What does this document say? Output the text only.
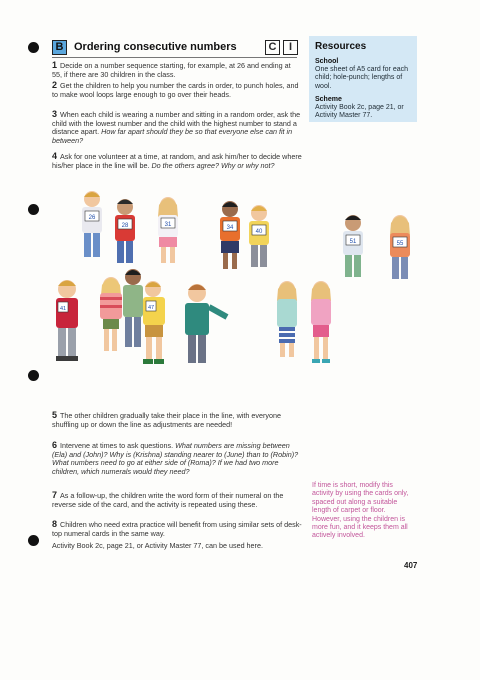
B Ordering consecutive numbers	C	I
1 Decide on a number sequence starting, for example, at 26 and ending at 55, if there are 30 children in the class.
2 Get the children to help you number the cards in order, to punch holes, and to make wool loops large enough to go over their heads.
3 When each child is wearing a number and sitting in a random order, ask the child with the lowest number and the child with the highest number to stand a distance apart. How far apart should they be so that everyone else can fit in between?
4 Ask for one volunteer at a time, at random, and ask him/her to decide where his/her place in the line will be. Do the others agree? Why or why not?
Resources
School
One sheet of A5 card for each child; hole-punch; lengths of wool.
Scheme
Activity Book 2c, page 21, or Activity Master 77.
26
28	31	34
40
51	55
41	47
5 The other children gradually take their place in the line, with everyone shuffling up or down the line as adjustments are needed!
6 Intervene at times to ask questions. What numbers are missing between (Ela) and (John)? Why is (Krishna) standing nearer to (June) than to (Robin)? What numbers need to go at either side of (Roma)? If we had two more children, which numerals would they need?
7 As a follow-up, the children write the word form of their numeral on the reverse side of the card, and the activity is repeated using these.
8 Children who need extra practice will benefit from using similar sets of desk-top numeral cards in the same way.
Activity Book 2c, page 21, or Activity Master 77, can be used here.
If time is short, modify this activity by using the cards only, spaced out along a suitable length of carpet or floor. However, using the children is more fun, and it keeps them all actively involved.
407
